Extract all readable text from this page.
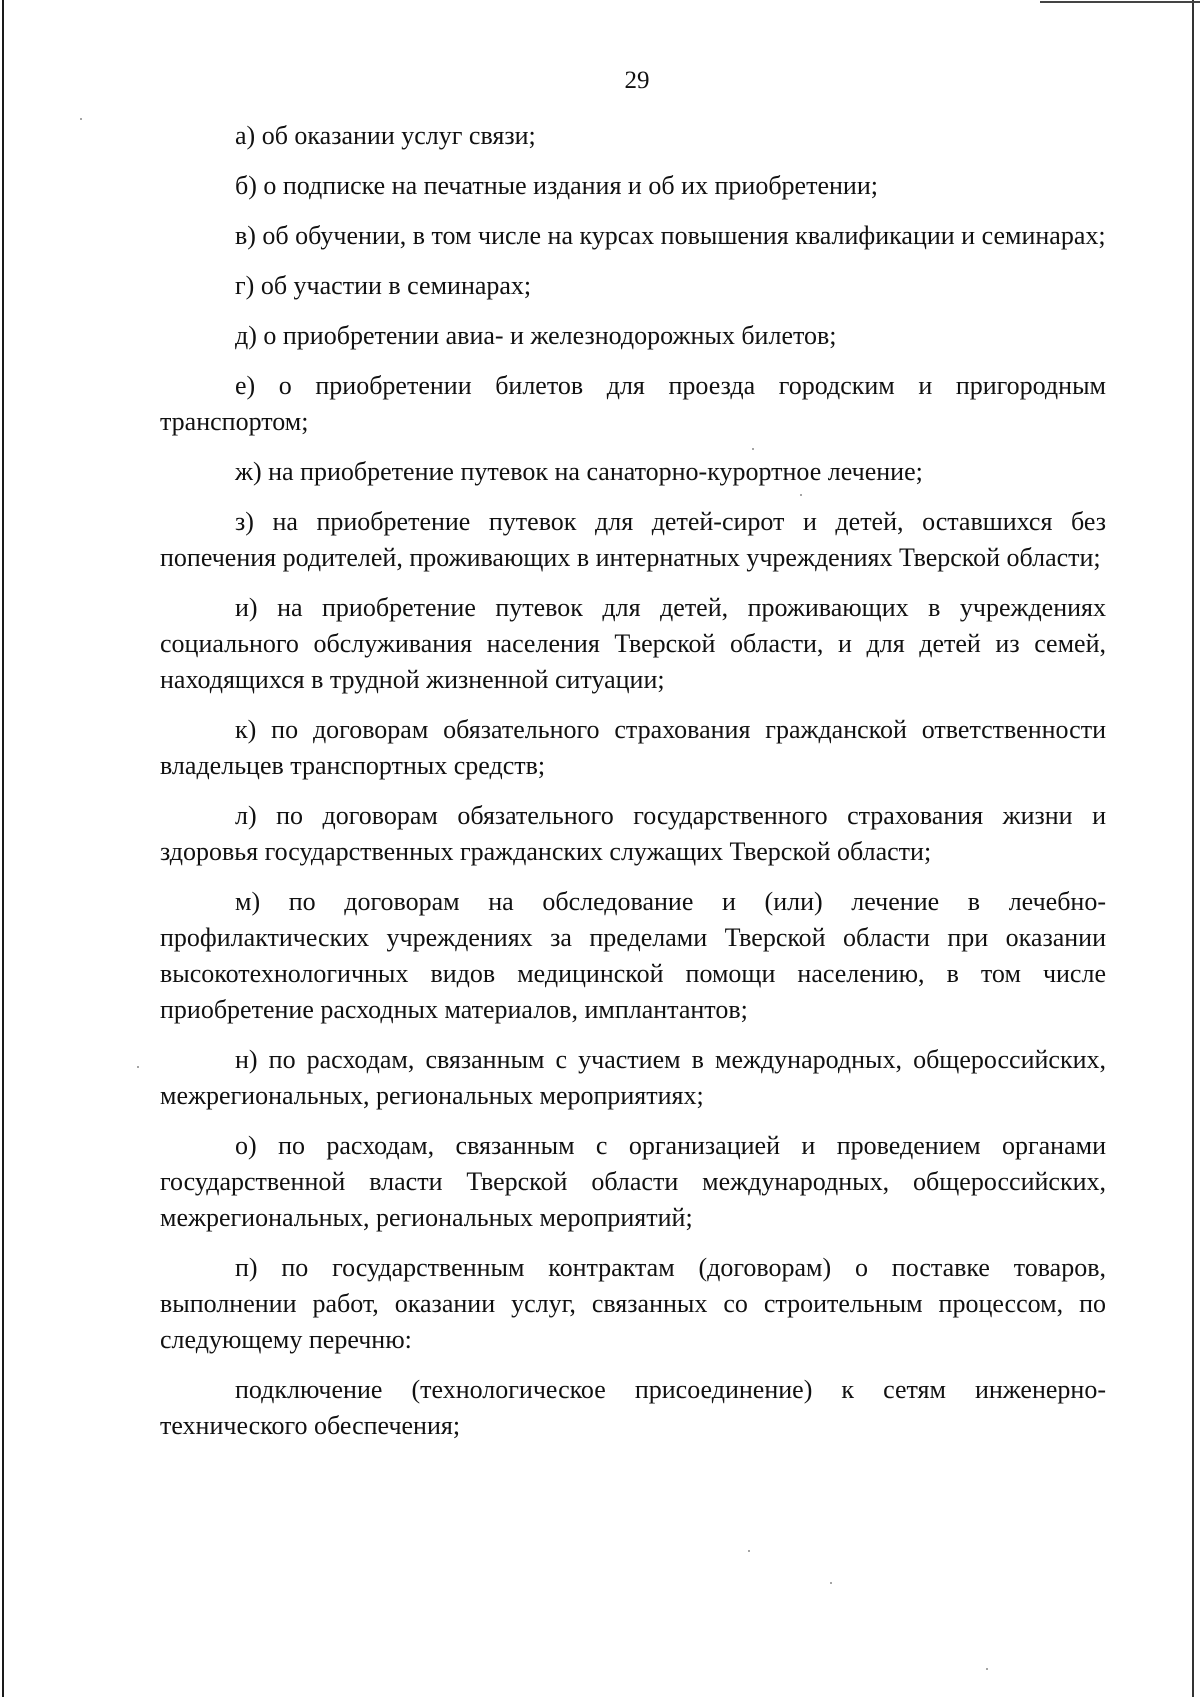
29

а) об оказании услуг связи;

б) о подписке на печатные издания и об их приобретении;

в) об обучении, в том числе на курсах повышения квалификации и семинарах;

г) об участии в семинарах;

д) о приобретении авиа- и железнодорожных билетов;

е) о приобретении билетов для проезда городским и пригородным транспортом;

ж) на приобретение путевок на санаторно-курортное лечение;

з) на приобретение путевок для детей-сирот и детей, оставшихся без попечения родителей, проживающих в интернатных учреждениях Тверской области;

и) на приобретение путевок для детей, проживающих в учреждениях социального обслуживания населения Тверской области, и для детей из семей, находящихся в трудной жизненной ситуации;

к) по договорам обязательного страхования гражданской ответственности владельцев транспортных средств;

л) по договорам обязательного государственного страхования жизни и здоровья государственных гражданских служащих Тверской области;

м) по договорам на обследование и (или) лечение в лечебно-профилактических учреждениях за пределами Тверской области при оказании высокотехнологичных видов медицинской помощи населению, в том числе приобретение расходных материалов, имплантантов;

н) по расходам, связанным с участием в международных, общероссийских, межрегиональных, региональных мероприятиях;

о) по расходам, связанным с организацией и проведением органами государственной власти Тверской области международных, общероссийских, межрегиональных, региональных мероприятий;

п) по государственным контрактам (договорам) о поставке товаров, выполнении работ, оказании услуг, связанных со строительным процессом, по следующему перечню:

подключение (технологическое присоединение) к сетям инженерно-технического обеспечения;
